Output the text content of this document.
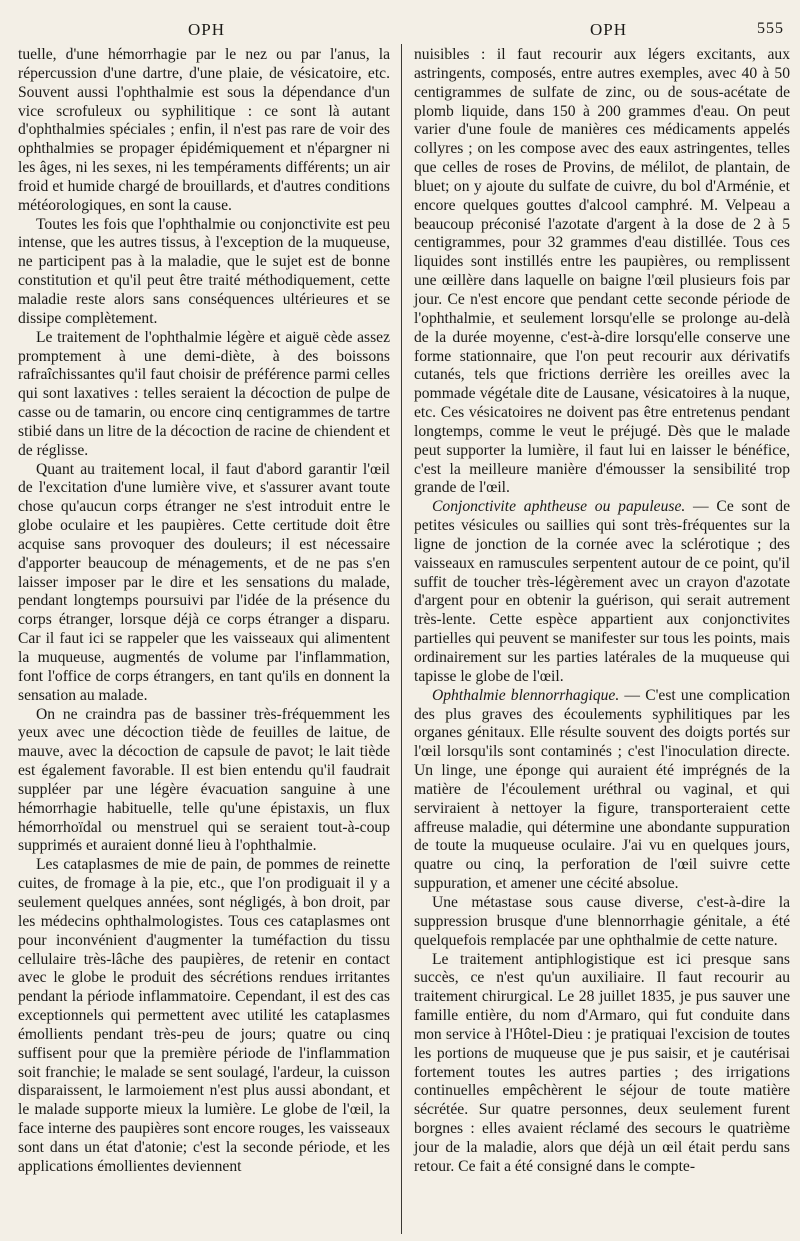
OPH	OPH	555

tuelle, d'une hémorrhagie par le nez ou par l'anus, la répercussion d'une dartre, d'une plaie, de vésicatoire, etc. Souvent aussi l'ophthalmie est sous la dépendance d'un vice scrofuleux ou syphilitique : ce sont là autant d'ophthalmies spéciales ; enfin, il n'est pas rare de voir des ophthalmies se propager épidémiquement et n'épargner ni les âges, ni les sexes, ni les tempéraments différents; un air froid et humide chargé de brouillards, et d'autres conditions météorologiques, en sont la cause.

Toutes les fois que l'ophthalmie ou conjonctivite est peu intense, que les autres tissus, à l'exception de la muqueuse, ne participent pas à la maladie, que le sujet est de bonne constitution et qu'il peut être traité méthodiquement, cette maladie reste alors sans conséquences ultérieures et se dissipe complètement.

Le traitement de l'ophthalmie légère et aiguë cède assez promptement à une demi-diète, à des boissons rafraîchissantes qu'il faut choisir de préférence parmi celles qui sont laxatives : telles seraient la décoction de pulpe de casse ou de tamarin, ou encore cinq centigrammes de tartre stibié dans un litre de la décoction de racine de chiendent et de réglisse.

Quant au traitement local, il faut d'abord garantir l'œil de l'excitation d'une lumière vive, et s'assurer avant toute chose qu'aucun corps étranger ne s'est introduit entre le globe oculaire et les paupières. Cette certitude doit être acquise sans provoquer des douleurs; il est nécessaire d'apporter beaucoup de ménagements, et de ne pas s'en laisser imposer par le dire et les sensations du malade, pendant longtemps poursuivi par l'idée de la présence du corps étranger, lorsque déjà ce corps étranger a disparu. Car il faut ici se rappeler que les vaisseaux qui alimentent la muqueuse, augmentés de volume par l'inflammation, font l'office de corps étrangers, en tant qu'ils en donnent la sensation au malade.

On ne craindra pas de bassiner très-fréquemment les yeux avec une décoction tiède de feuilles de laitue, de mauve, avec la décoction de capsule de pavot; le lait tiède est également favorable. Il est bien entendu qu'il faudrait suppléer par une légère évacuation sanguine à une hémorrhagie habituelle, telle qu'une épistaxis, un flux hémorrhoïdal ou menstruel qui se seraient tout-à-coup supprimés et auraient donné lieu à l'ophthalmie.

Les cataplasmes de mie de pain, de pommes de reinette cuites, de fromage à la pie, etc., que l'on prodiguait il y a seulement quelques années, sont négligés, à bon droit, par les médecins ophthalmologistes. Tous ces cataplasmes ont pour inconvénient d'augmenter la tuméfaction du tissu cellulaire très-lâche des paupières, de retenir en contact avec le globe le produit des sécrétions rendues irritantes pendant la période inflammatoire. Cependant, il est des cas exceptionnels qui permettent avec utilité les cataplasmes émollients pendant très-peu de jours; quatre ou cinq suffisent pour que la première période de l'inflammation soit franchie; le malade se sent soulagé, l'ardeur, la cuisson disparaissent, le larmoiement n'est plus aussi abondant, et le malade supporte mieux la lumière. Le globe de l'œil, la face interne des paupières sont encore rouges, les vaisseaux sont dans un état d'atonie; c'est la seconde période, et les applications émollientes deviennent

nuisibles : il faut recourir aux légers excitants, aux astringents, composés, entre autres exemples, avec 40 à 50 centigrammes de sulfate de zinc, ou de sous-acétate de plomb liquide, dans 150 à 200 grammes d'eau. On peut varier d'une foule de manières ces médicaments appelés collyres ; on les compose avec des eaux astringentes, telles que celles de roses de Provins, de mélilot, de plantain, de bluet; on y ajoute du sulfate de cuivre, du bol d'Arménie, et encore quelques gouttes d'alcool camphré. M. Velpeau a beaucoup préconisé l'azotate d'argent à la dose de 2 à 5 centigrammes, pour 32 grammes d'eau distillée. Tous ces liquides sont instillés entre les paupières, ou remplissent une œillère dans laquelle on baigne l'œil plusieurs fois par jour. Ce n'est encore que pendant cette seconde période de l'ophthalmie, et seulement lorsqu'elle se prolonge au-delà de la durée moyenne, c'est-à-dire lorsqu'elle conserve une forme stationnaire, que l'on peut recourir aux dérivatifs cutanés, tels que frictions derrière les oreilles avec la pommade végétale dite de Lausane, vésicatoires à la nuque, etc. Ces vésicatoires ne doivent pas être entretenus pendant longtemps, comme le veut le préjugé. Dès que le malade peut supporter la lumière, il faut lui en laisser le bénéfice, c'est la meilleure manière d'émousser la sensibilité trop grande de l'œil.

Conjonctivite aphtheuse ou papuleuse. — Ce sont de petites vésicules ou saillies qui sont très-fréquentes sur la ligne de jonction de la cornée avec la sclérotique ; des vaisseaux en ramuscules serpentent autour de ce point, qu'il suffit de toucher très-légèrement avec un crayon d'azotate d'argent pour en obtenir la guérison, qui serait autrement très-lente. Cette espèce appartient aux conjonctivites partielles qui peuvent se manifester sur tous les points, mais ordinairement sur les parties latérales de la muqueuse qui tapisse le globe de l'œil.

Ophthalmie blennorrhagique. — C'est une complication des plus graves des écoulements syphilitiques par les organes génitaux. Elle résulte souvent des doigts portés sur l'œil lorsqu'ils sont contaminés ; c'est l'inoculation directe. Un linge, une éponge qui auraient été imprégnés de la matière de l'écoulement uréthral ou vaginal, et qui serviraient à nettoyer la figure, transporteraient cette affreuse maladie, qui détermine une abondante suppuration de toute la muqueuse oculaire. J'ai vu en quelques jours, quatre ou cinq, la perforation de l'œil suivre cette suppuration, et amener une cécité absolue.

Une métastase sous cause diverse, c'est-à-dire la suppression brusque d'une blennorrhagie génitale, a été quelquefois remplacée par une ophthalmie de cette nature.

Le traitement antiphlogistique est ici presque sans succès, ce n'est qu'un auxiliaire. Il faut recourir au traitement chirurgical. Le 28 juillet 1835, je pus sauver une famille entière, du nom d'Armaro, qui fut conduite dans mon service à l'Hôtel-Dieu : je pratiquai l'excision de toutes les portions de muqueuse que je pus saisir, et je cautérisai fortement toutes les autres parties ; des irrigations continuelles empêchèrent le séjour de toute matière sécrétée. Sur quatre personnes, deux seulement furent borgnes : elles avaient réclamé des secours le quatrième jour de la maladie, alors que déjà un œil était perdu sans retour. Ce fait a été consigné dans le compte-
